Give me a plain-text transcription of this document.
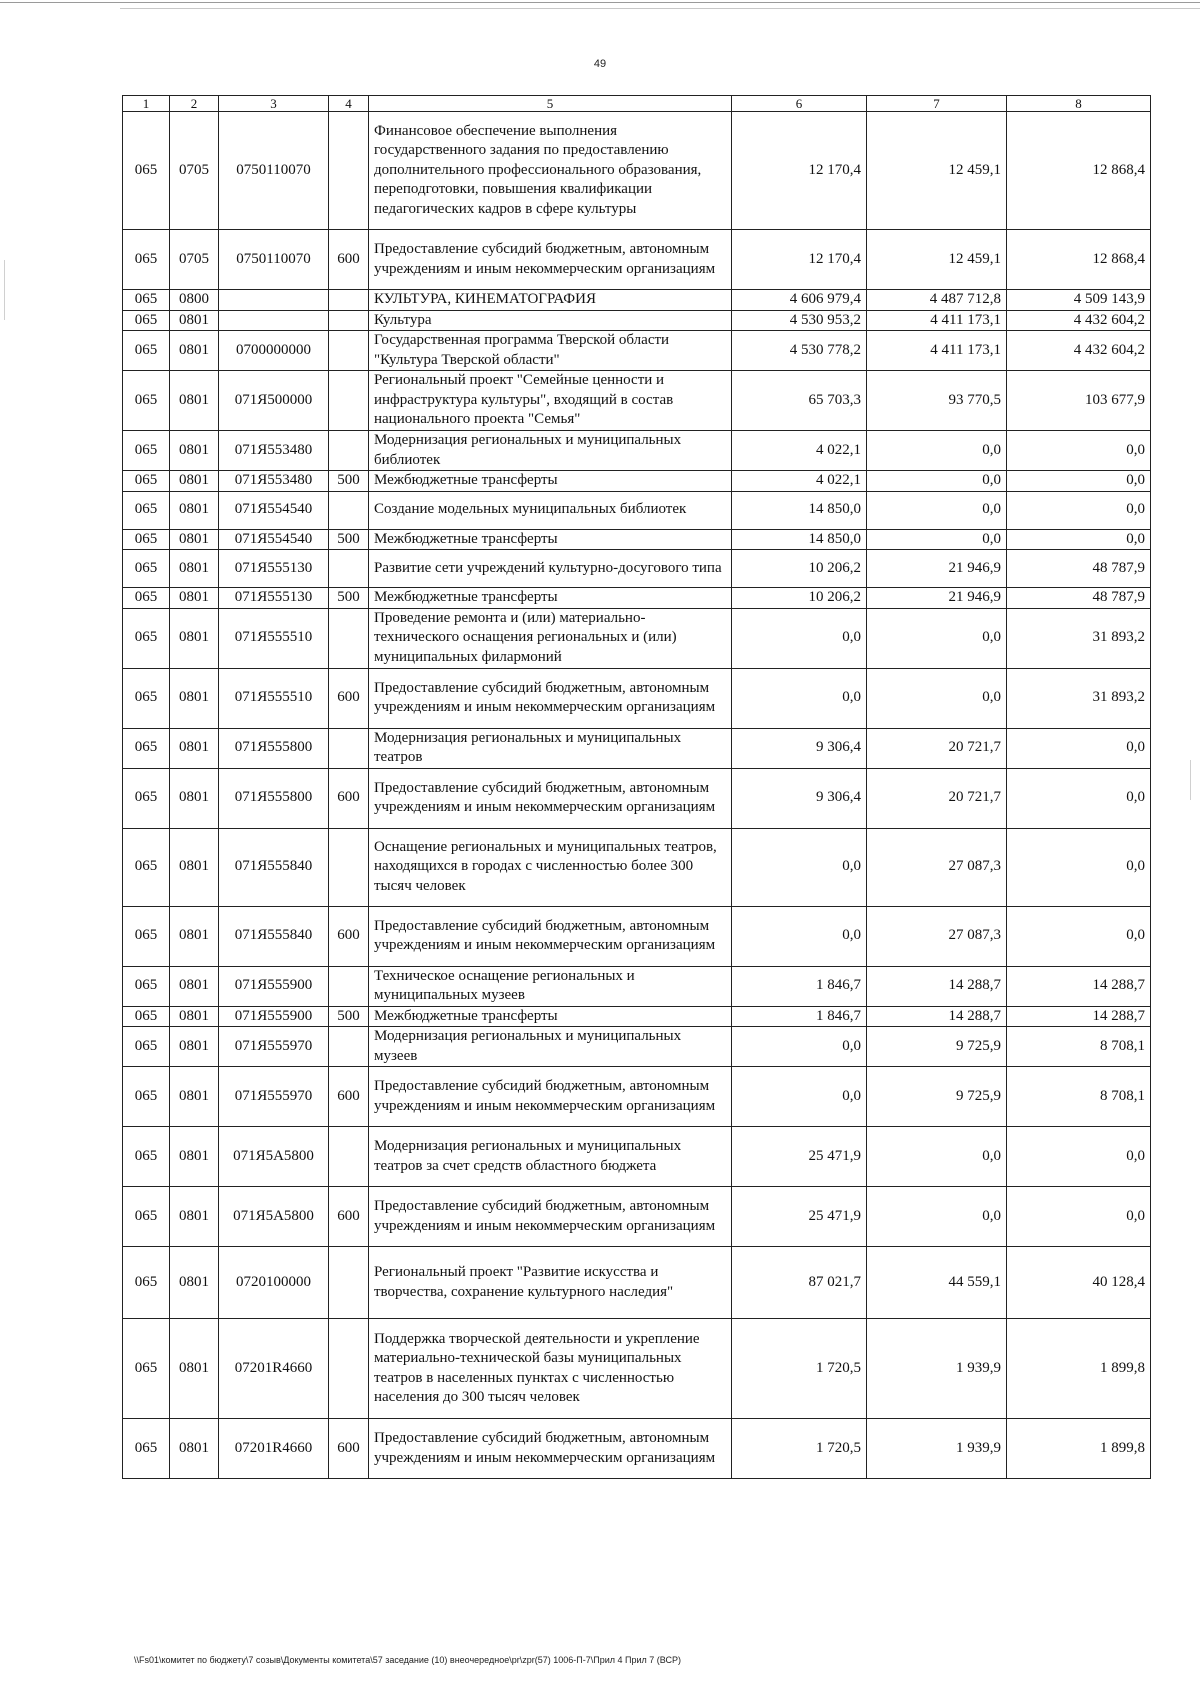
49
1	2	3	4	5	6	7	8
065	0705	0750110070		Финансовое обеспечение выполнения государственного задания по предоставлению дополнительного профессионального образования, переподготовки, повышения квалификации педагогических кадров в сфере культуры	12 170,4	12 459,1	12 868,4
065	0705	0750110070	600	Предоставление субсидий бюджетным, автономным учреждениям и иным некоммерческим организациям	12 170,4	12 459,1	12 868,4
065	0800			КУЛЬТУРА, КИНЕМАТОГРАФИЯ	4 606 979,4	4 487 712,8	4 509 143,9
065	0801			Культура	4 530 953,2	4 411 173,1	4 432 604,2
065	0801	0700000000		Государственная программа Тверской области "Культура Тверской области"	4 530 778,2	4 411 173,1	4 432 604,2
065	0801	071Я500000		Региональный проект "Семейные ценности и инфраструктура культуры", входящий в состав национального проекта "Семья"	65 703,3	93 770,5	103 677,9
065	0801	071Я553480		Модернизация региональных и муниципальных библиотек	4 022,1	0,0	0,0
065	0801	071Я553480	500	Межбюджетные трансферты	4 022,1	0,0	0,0
065	0801	071Я554540		Создание модельных муниципальных библиотек	14 850,0	0,0	0,0
065	0801	071Я554540	500	Межбюджетные трансферты	14 850,0	0,0	0,0
065	0801	071Я555130		Развитие сети учреждений культурно-досугового типа	10 206,2	21 946,9	48 787,9
065	0801	071Я555130	500	Межбюджетные трансферты	10 206,2	21 946,9	48 787,9
065	0801	071Я555510		Проведение ремонта и (или) материально-технического оснащения региональных и (или) муниципальных филармоний	0,0	0,0	31 893,2
065	0801	071Я555510	600	Предоставление субсидий бюджетным, автономным учреждениям и иным некоммерческим организациям	0,0	0,0	31 893,2
065	0801	071Я555800		Модернизация региональных и муниципальных театров	9 306,4	20 721,7	0,0
065	0801	071Я555800	600	Предоставление субсидий бюджетным, автономным учреждениям и иным некоммерческим организациям	9 306,4	20 721,7	0,0
065	0801	071Я555840		Оснащение региональных и муниципальных театров, находящихся в городах с численностью более 300 тысяч человек	0,0	27 087,3	0,0
065	0801	071Я555840	600	Предоставление субсидий бюджетным, автономным учреждениям и иным некоммерческим организациям	0,0	27 087,3	0,0
065	0801	071Я555900		Техническое оснащение региональных и муниципальных музеев	1 846,7	14 288,7	14 288,7
065	0801	071Я555900	500	Межбюджетные трансферты	1 846,7	14 288,7	14 288,7
065	0801	071Я555970		Модернизация региональных и муниципальных музеев	0,0	9 725,9	8 708,1
065	0801	071Я555970	600	Предоставление субсидий бюджетным, автономным учреждениям и иным некоммерческим организациям	0,0	9 725,9	8 708,1
065	0801	071Я5А5800		Модернизация региональных и муниципальных театров за счет средств областного бюджета	25 471,9	0,0	0,0
065	0801	071Я5А5800	600	Предоставление субсидий бюджетным, автономным учреждениям и иным некоммерческим организациям	25 471,9	0,0	0,0
065	0801	0720100000		Региональный проект "Развитие искусства и творчества, сохранение культурного наследия"	87 021,7	44 559,1	40 128,4
065	0801	07201R4660		Поддержка творческой деятельности и укрепление материально-технической базы муниципальных театров в населенных пунктах с численностью населения до 300 тысяч человек	1 720,5	1 939,9	1 899,8
065	0801	07201R4660	600	Предоставление субсидий бюджетным, автономным учреждениям и иным некоммерческим организациям	1 720,5	1 939,9	1 899,8
\\Fs01\комитет по бюджету\7 созыв\Документы комитета\57 заседание (10) внеочередное\pr\zpr(57) 1006-П-7\Прил 4 Прил 7 (ВСР)
